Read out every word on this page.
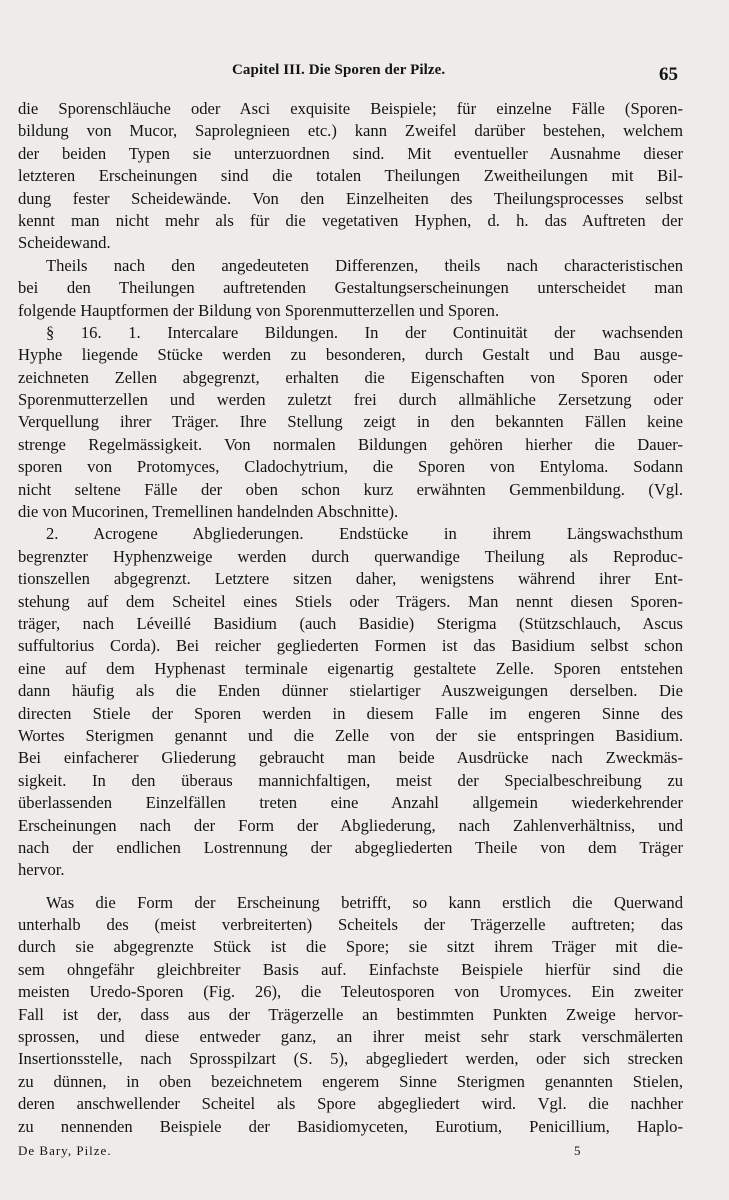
Capitel III. Die Sporen der Pilze.	65
die Sporenschläuche oder Asci exquisite Beispiele; für einzelne Fälle (Sporen-
bildung von Mucor, Saprolegnieen etc.) kann Zweifel darüber bestehen, welchem
der beiden Typen sie unterzuordnen sind. Mit eventueller Ausnahme dieser
letzteren Erscheinungen sind die totalen Theilungen Zweitheilungen mit Bil-
dung fester Scheidewände. Von den Einzelheiten des Theilungsprocesses selbst
kennt man nicht mehr als für die vegetativen Hyphen, d. h. das Auftreten der
Scheidewand.
Theils nach den angedeuteten Differenzen, theils nach characteristischen
bei den Theilungen auftretenden Gestaltungserscheinungen unterscheidet man
folgende Hauptformen der Bildung von Sporenmutterzellen und Sporen.
§ 16. 1. Intercalare Bildungen. In der Continuität der wachsenden
Hyphe liegende Stücke werden zu besonderen, durch Gestalt und Bau ausge-
zeichneten Zellen abgegrenzt, erhalten die Eigenschaften von Sporen oder
Sporenmutterzellen und werden zuletzt frei durch allmähliche Zersetzung oder
Verquellung ihrer Träger. Ihre Stellung zeigt in den bekannten Fällen keine
strenge Regelmässigkeit. Von normalen Bildungen gehören hierher die Dauer-
sporen von Protomyces, Cladochytrium, die Sporen von Entyloma. Sodann
nicht seltene Fälle der oben schon kurz erwähnten Gemmenbildung. (Vgl.
die von Mucorinen, Tremellinen handelnden Abschnitte).
2. Acrogene Abgliederungen. Endstücke in ihrem Längswachsthum
begrenzter Hyphenzweige werden durch querwandige Theilung als Reproduc-
tionszellen abgegrenzt. Letztere sitzen daher, wenigstens während ihrer Ent-
stehung auf dem Scheitel eines Stiels oder Trägers. Man nennt diesen Sporen-
träger, nach Léveillé Basidium (auch Basidie) Sterigma (Stützschlauch, Ascus
suffultorius Corda). Bei reicher gegliederten Formen ist das Basidium selbst schon
eine auf dem Hyphenast terminale eigenartig gestaltete Zelle. Sporen entstehen
dann häufig als die Enden dünner stielartiger Auszweigungen derselben. Die
directen Stiele der Sporen werden in diesem Falle im engeren Sinne des
Wortes Sterigmen genannt und die Zelle von der sie entspringen Basidium.
Bei einfacherer Gliederung gebraucht man beide Ausdrücke nach Zweckmäs-
sigkeit. In den überaus mannichfaltigen, meist der Specialbeschreibung zu
überlassenden Einzelfällen treten eine Anzahl allgemein wiederkehrender
Erscheinungen nach der Form der Abgliederung, nach Zahlenverhältniss, und
nach der endlichen Lostrennung der abgegliederten Theile von dem Träger
hervor.
Was die Form der Erscheinung betrifft, so kann erstlich die Querwand
unterhalb des (meist verbreiterten) Scheitels der Trägerzelle auftreten; das
durch sie abgegrenzte Stück ist die Spore; sie sitzt ihrem Träger mit die-
sem ohngefähr gleichbreiter Basis auf. Einfachste Beispiele hierfür sind die
meisten Uredo-Sporen (Fig. 26), die Teleutosporen von Uromyces. Ein zweiter
Fall ist der, dass aus der Trägerzelle an bestimmten Punkten Zweige hervor-
sprossen, und diese entweder ganz, an ihrer meist sehr stark verschmälerten
Insertionsstelle, nach Sprosspilzart (S. 5), abgegliedert werden, oder sich strecken
zu dünnen, in oben bezeichnetem engerem Sinne Sterigmen genannten Stielen,
deren anschwellender Scheitel als Spore abgegliedert wird. Vgl. die nachher
zu nennenden Beispiele der Basidiomyceten, Eurotium, Penicillium, Haplo-
De Bary, Pilze.	5
